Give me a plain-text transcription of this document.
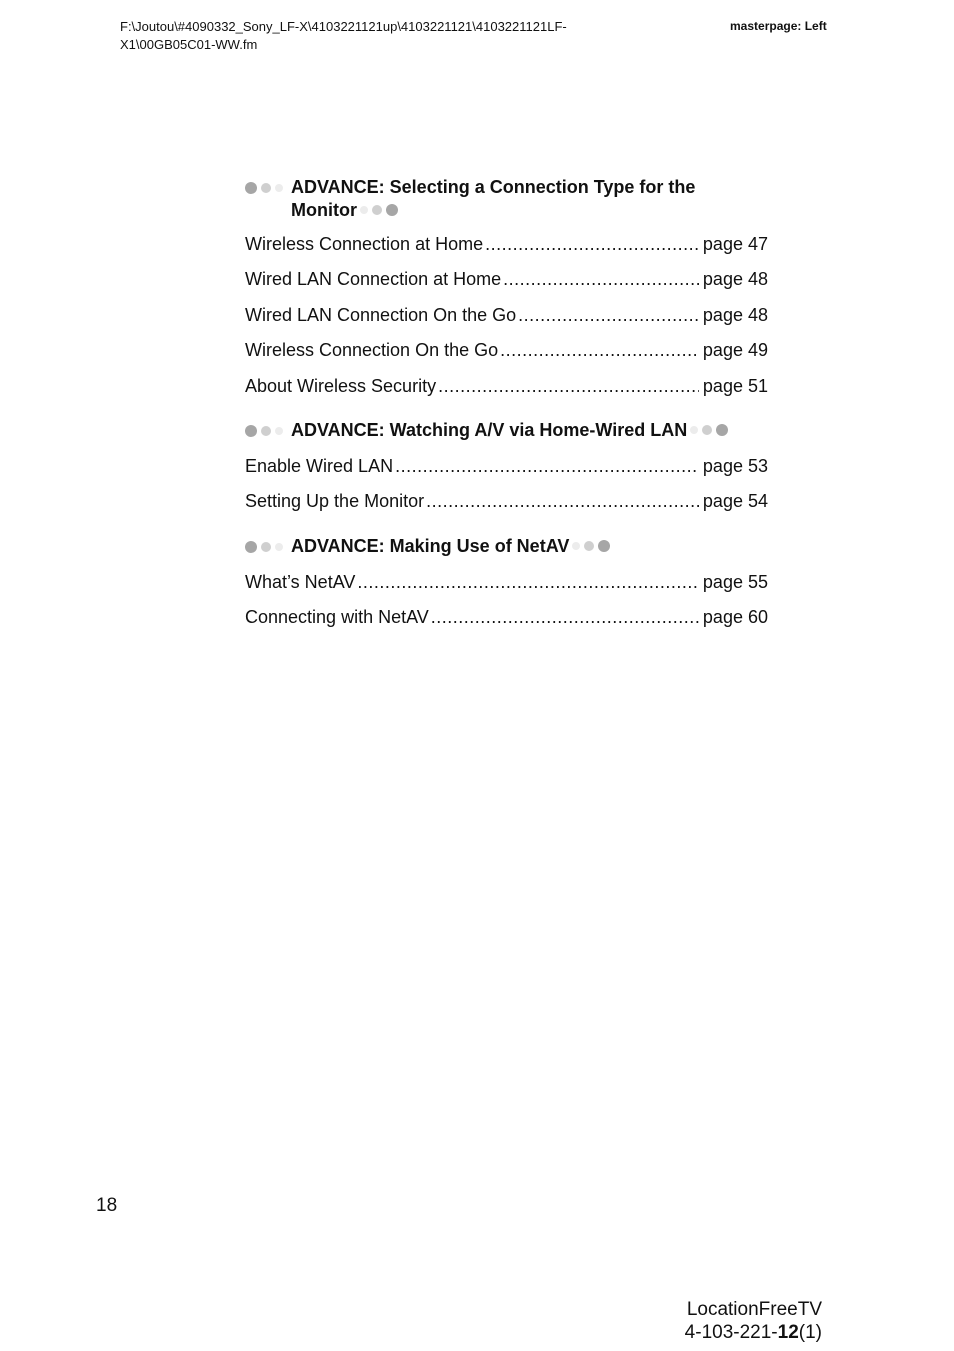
F:\Joutou\#4090332_Sony_LF-X\4103221121up\4103221121\4103221121LF-
X1\00GB05C01-WW.fm
masterpage: Left
ADVANCE: Selecting a Connection Type for the
Monitor
Wireless Connection at Home .....	page 47
Wired LAN Connection at Home .....	page 48
Wired LAN Connection On the Go .....	page 48
Wireless Connection On the Go .....	page 49
About Wireless Security .....	page 51
ADVANCE: Watching A/V via Home-Wired LAN
Enable Wired LAN .....	page 53
Setting Up the Monitor .....	page 54
ADVANCE: Making Use of NetAV
What’s NetAV .....	page 55
Connecting with NetAV .....	page 60
18
LocationFreeTV
4-103-221-12(1)
